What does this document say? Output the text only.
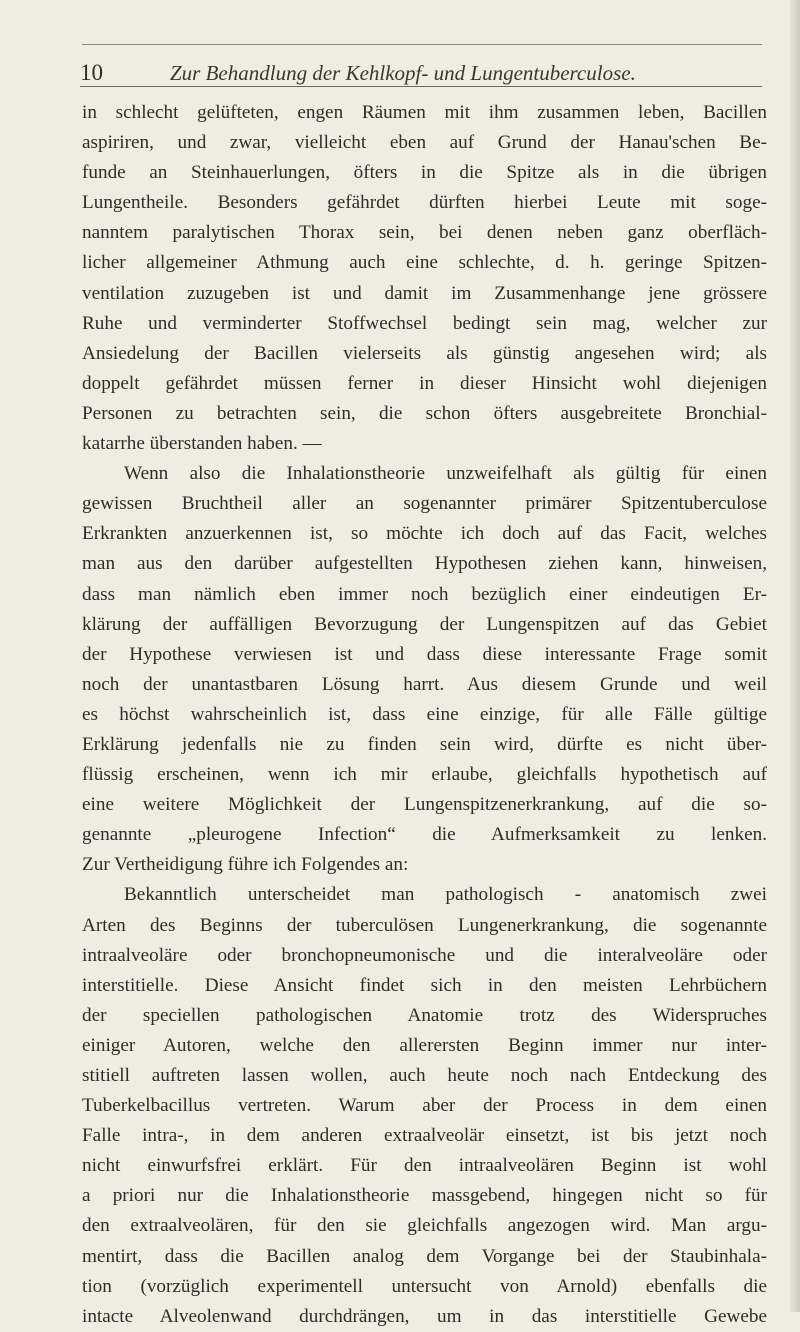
10	Zur Behandlung der Kehlkopf- und Lungentuberculose.
in schlecht gelüfteten, engen Räumen mit ihm zusammen leben, Bacillen
aspiriren, und zwar, vielleicht eben auf Grund der Hanau'schen Be-
funde an Steinhauerlungen, öfters in die Spitze als in die übrigen
Lungentheile. Besonders gefährdet dürften hierbei Leute mit soge-
nanntem paralytischen Thorax sein, bei denen neben ganz oberfläch-
licher allgemeiner Athmung auch eine schlechte, d. h. geringe Spitzen-
ventilation zuzugeben ist und damit im Zusammenhange jene grössere
Ruhe und verminderter Stoffwechsel bedingt sein mag, welcher zur
Ansiedelung der Bacillen vielerseits als günstig angesehen wird; als
doppelt gefährdet müssen ferner in dieser Hinsicht wohl diejenigen
Personen zu betrachten sein, die schon öfters ausgebreitete Bronchial-
katarrhe überstanden haben. —
Wenn also die Inhalationstheorie unzweifelhaft als gültig für einen
gewissen Bruchtheil aller an sogenannter primärer Spitzentuberculose
Erkrankten anzuerkennen ist, so möchte ich doch auf das Facit, welches
man aus den darüber aufgestellten Hypothesen ziehen kann, hinweisen,
dass man nämlich eben immer noch bezüglich einer eindeutigen Er-
klärung der auffälligen Bevorzugung der Lungenspitzen auf das Gebiet
der Hypothese verwiesen ist und dass diese interessante Frage somit
noch der unantastbaren Lösung harrt. Aus diesem Grunde und weil
es höchst wahrscheinlich ist, dass eine einzige, für alle Fälle gültige
Erklärung jedenfalls nie zu finden sein wird, dürfte es nicht über-
flüssig erscheinen, wenn ich mir erlaube, gleichfalls hypothetisch auf
eine weitere Möglichkeit der Lungenspitzenerkrankung, auf die so-
genannte „pleurogene Infection“ die Aufmerksamkeit zu lenken.
Zur Vertheidigung führe ich Folgendes an:
Bekanntlich unterscheidet man pathologisch - anatomisch zwei
Arten des Beginns der tuberculösen Lungenerkrankung, die sogenannte
intraalveoläre oder bronchopneumonische und die interalveoläre oder
interstitielle. Diese Ansicht findet sich in den meisten Lehrbüchern
der speciellen pathologischen Anatomie trotz des Widerspruches
einiger Autoren, welche den allerersten Beginn immer nur inter-
stitiell auftreten lassen wollen, auch heute noch nach Entdeckung des
Tuberkelbacillus vertreten. Warum aber der Process in dem einen
Falle intra-, in dem anderen extraalveolär einsetzt, ist bis jetzt noch
nicht einwurfsfrei erklärt. Für den intraalveolären Beginn ist wohl
a priori nur die Inhalationstheorie massgebend, hingegen nicht so für
den extraalveolären, für den sie gleichfalls angezogen wird. Man argu-
mentirt, dass die Bacillen analog dem Vorgange bei der Staubinhala-
tion (vorzüglich experimentell untersucht von Arnold) ebenfalls die
intacte Alveolenwand durchdrängen, um in das interstitielle Gewebe
